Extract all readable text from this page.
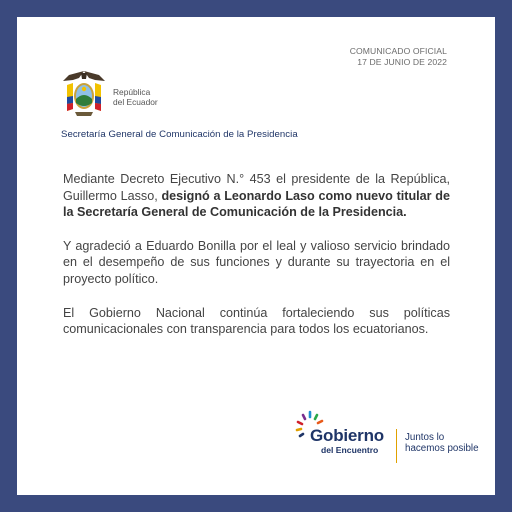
COMUNICADO OFICIAL
17 DE JUNIO DE 2022
República
del Ecuador
Secretaría General de Comunicación de la Presidencia

Mediante Decreto Ejecutivo N.° 453 el presidente de la República, Guillermo Lasso, designó a Leonardo Laso como nuevo titular de la Secretaría General de Comunicación de la Presidencia.

Y agradeció a Eduardo Bonilla por el leal y valioso servicio brindado en el desempeño de sus funciones y durante su trayectoria en el proyecto político.

El Gobierno Nacional continúa fortaleciendo sus políticas comunicacionales con transparencia para todos los ecuatorianos.

Gobierno
del Encuentro
Juntos lo
hacemos posible
